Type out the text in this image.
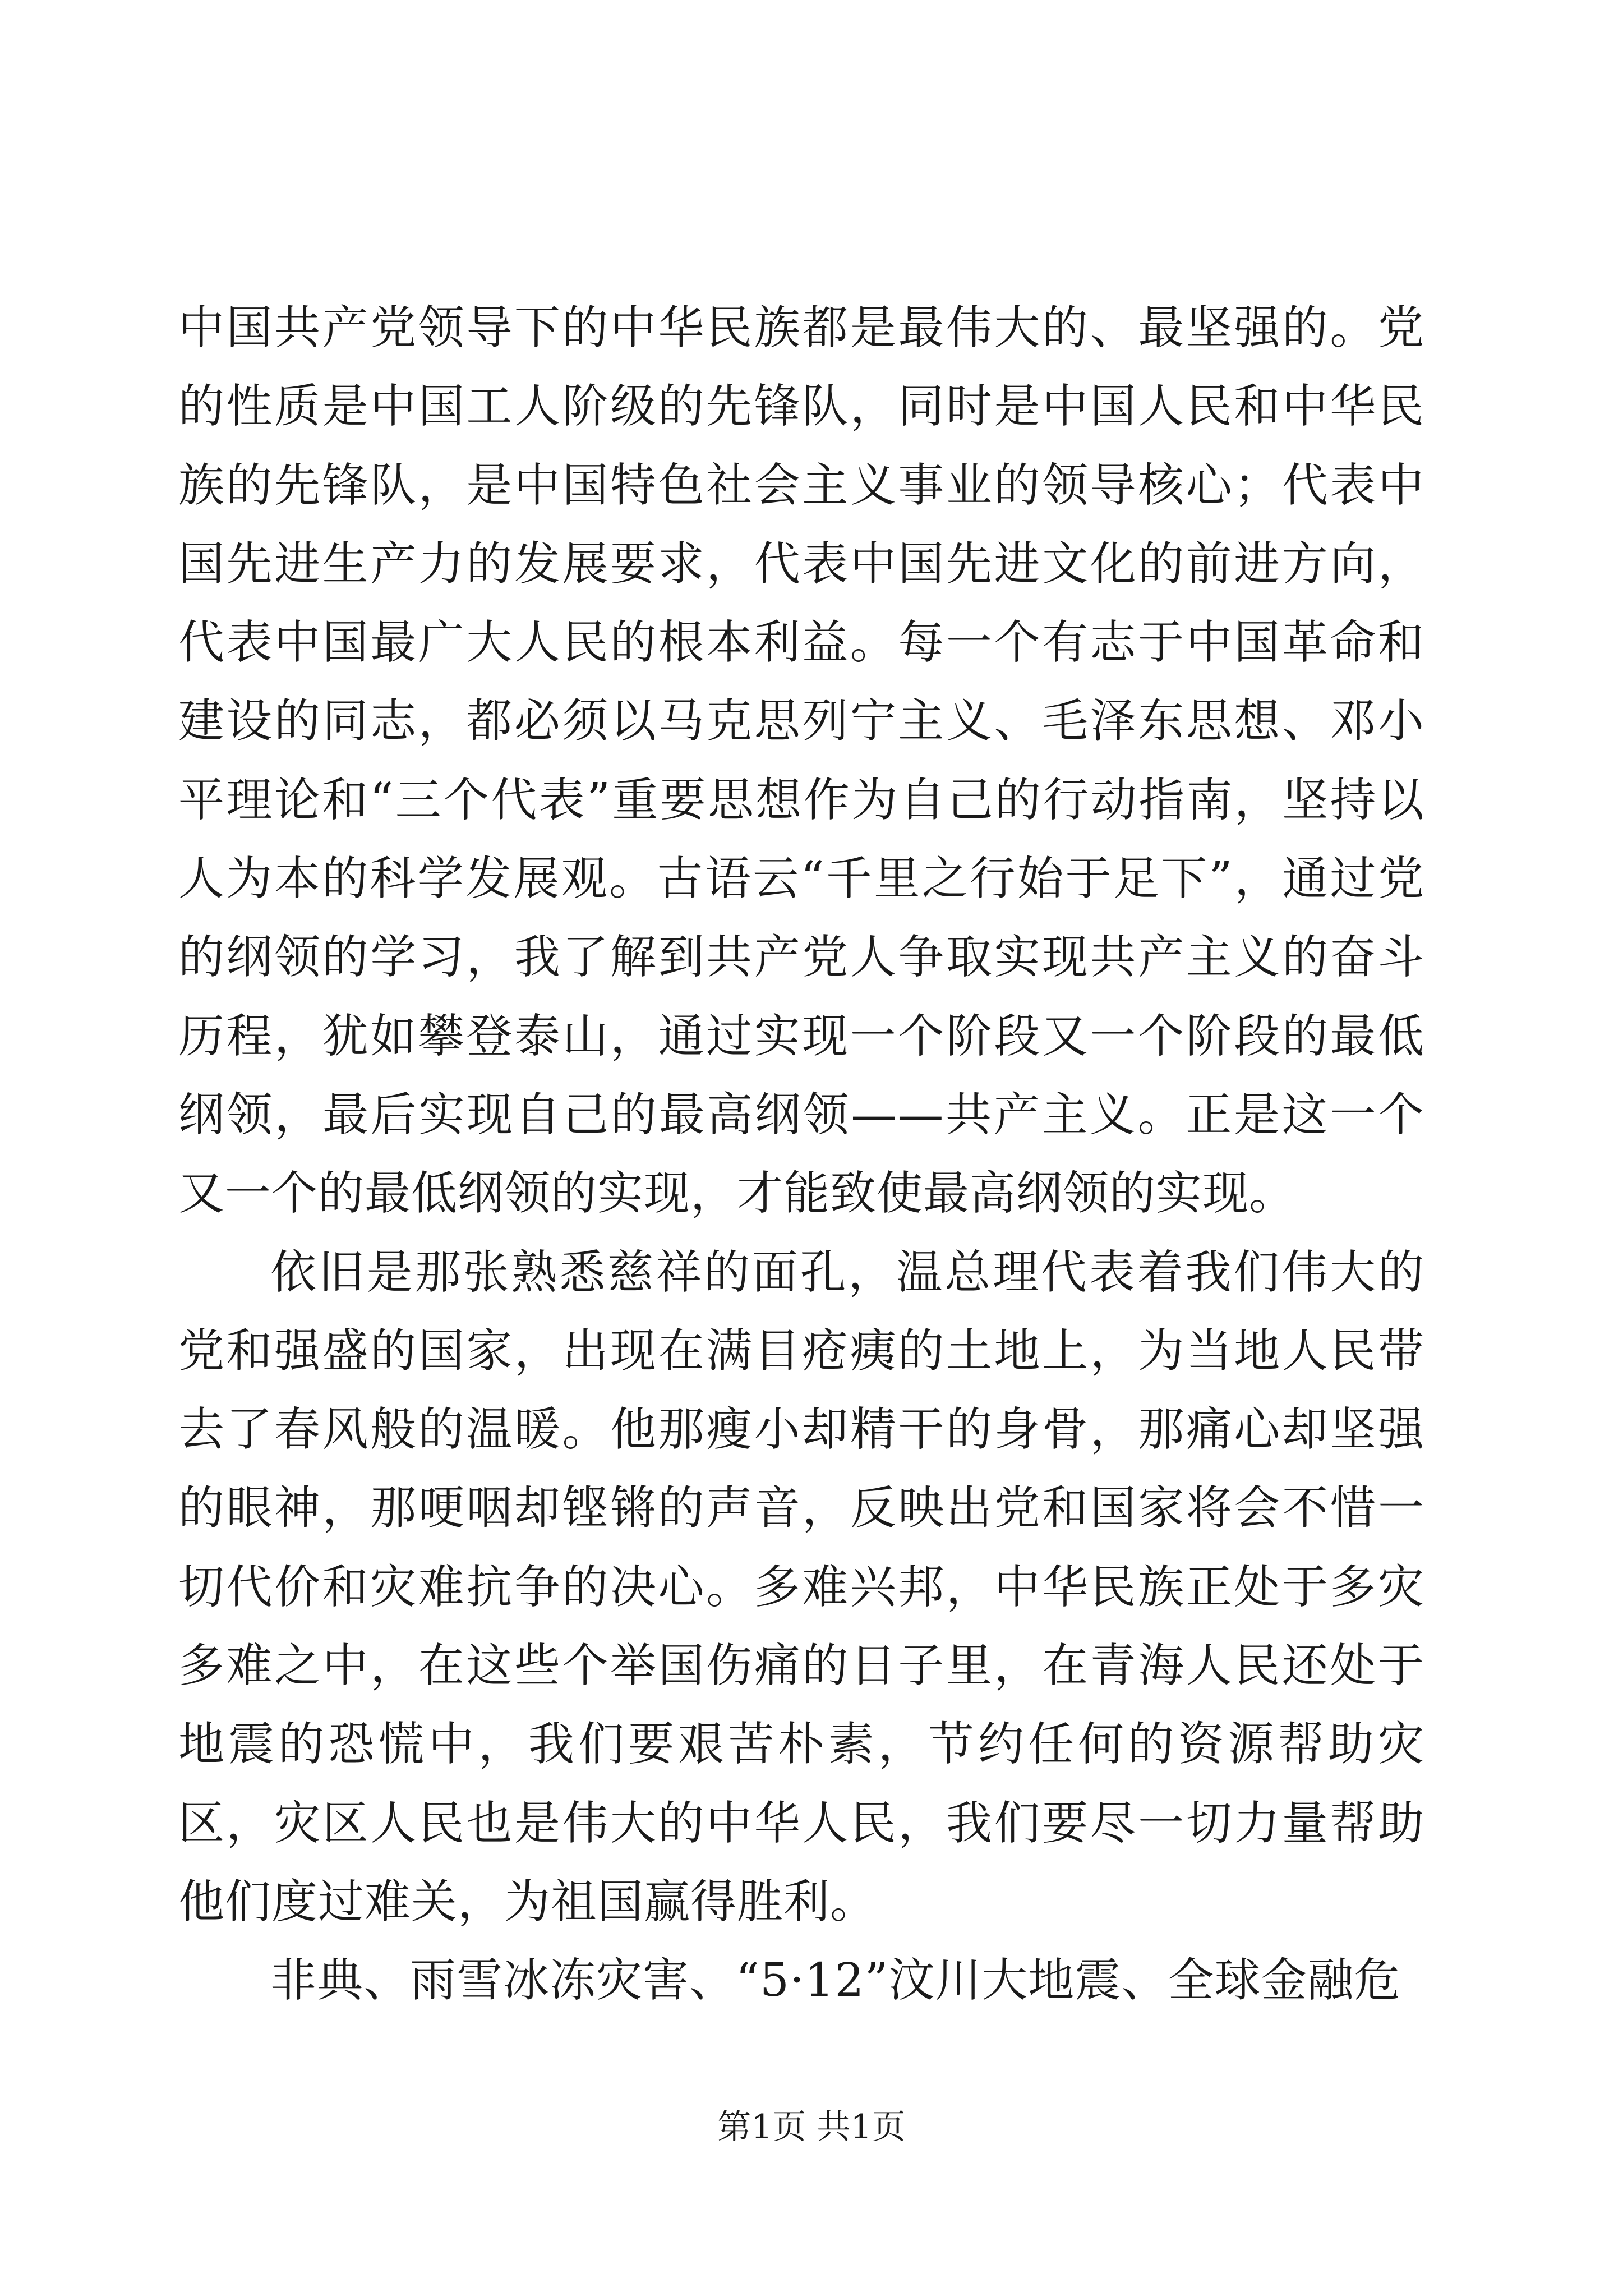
中国共产党领导下的中华民族都是最伟大的、最坚强的。党的性质是中国工人阶级的先锋队，同时是中国人民和中华民族的先锋队，是中国特色社会主义事业的领导核心；代表中国先进生产力的发展要求，代表中国先进文化的前进方向，代表中国最广大人民的根本利益。每一个有志于中国革命和建设的同志，都必须以马克思列宁主义、毛泽东思想、邓小平理论和“三个代表”重要思想作为自己的行动指南，坚持以人为本的科学发展观。古语云“千里之行始于足下”，通过党的纲领的学习，我了解到共产党人争取实现共产主义的奋斗历程，犹如攀登泰山，通过实现一个阶段又一个阶段的最低纲领，最后实现自己的最高纲领——共产主义。正是这一个又一个的最低纲领的实现，才能致使最高纲领的实现。

依旧是那张熟悉慈祥的面孔，温总理代表着我们伟大的党和强盛的国家，出现在满目疮痍的土地上，为当地人民带去了春风般的温暖。他那瘦小却精干的身骨，那痛心却坚强的眼神，那哽咽却铿锵的声音，反映出党和国家将会不惜一切代价和灾难抗争的决心。多难兴邦，中华民族正处于多灾多难之中，在这些个举国伤痛的日子里，在青海人民还处于地震的恐慌中，我们要艰苦朴素，节约任何的资源帮助灾区，灾区人民也是伟大的中华人民，我们要尽一切力量帮助他们度过难关，为祖国赢得胜利。

非典、雨雪冰冻灾害、“5·12”汶川大地震、全球金融危

第1页 共1页
